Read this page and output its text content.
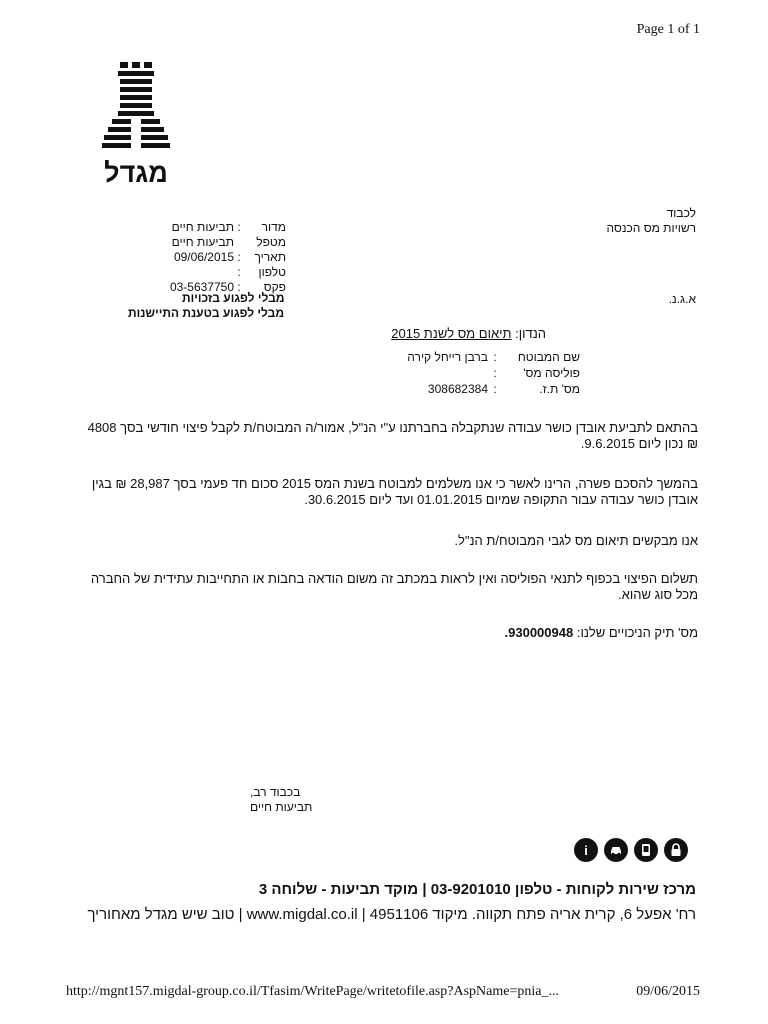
Page 1 of 1
מגדל
לכבוד
רשויות מס הכנסה
מדור
:
תביעות חיים
מטפל
תביעות חיים
תאריך
:
09/06/2015
טלפון
:
פקס
:
03-5637750
מבלי לפגוע בזכויות
מבלי לפגוע בטענת התיישנות
א.ג.נ.
הנדון: תיאום מס לשנת 2015
שם המבוטח
:
ברבן רייחל קירה
פוליסה מס'
:
מס' ת.ז.
:
308682384
בהתאם לתביעת אובדן כושר עבודה שנתקבלה בחברתנו ע"י הנ"ל, אמור/ה המבוטח/ת לקבל פיצוי חודשי בסך 4808
₪ נכון ליום 9.6.2015.
בהמשך להסכם פשרה, הרינו לאשר כי אנו משלמים למבוטח בשנת המס 2015 סכום חד פעמי בסך 28,987 ₪ בגין
אובדן כושר עבודה עבור התקופה שמיום 01.01.2015 ועד ליום 30.6.2015.
אנו מבקשים תיאום מס לגבי המבוטח/ת הנ"ל.
תשלום הפיצוי בכפוף לתנאי הפוליסה ואין לראות במכתב זה משום הודאה בחבות או התחייבות עתידית של החברה
מכל סוג שהוא.
מס' תיק הניכויים שלנו: 930000948.
בכבוד רב,
תביעות חיים
i
מרכז שירות לקוחות - טלפון 03-9201010 | מוקד תביעות - שלוחה 3
רח' אפעל 6, קרית אריה פתח תקווה. מיקוד 4951106 | www.migdal.co.il | טוב שיש מגדל מאחוריך
http://mgnt157.migdal-group.co.il/Tfasim/WritePage/writetofile.asp?AspName=pnia_...	09/06/2015
